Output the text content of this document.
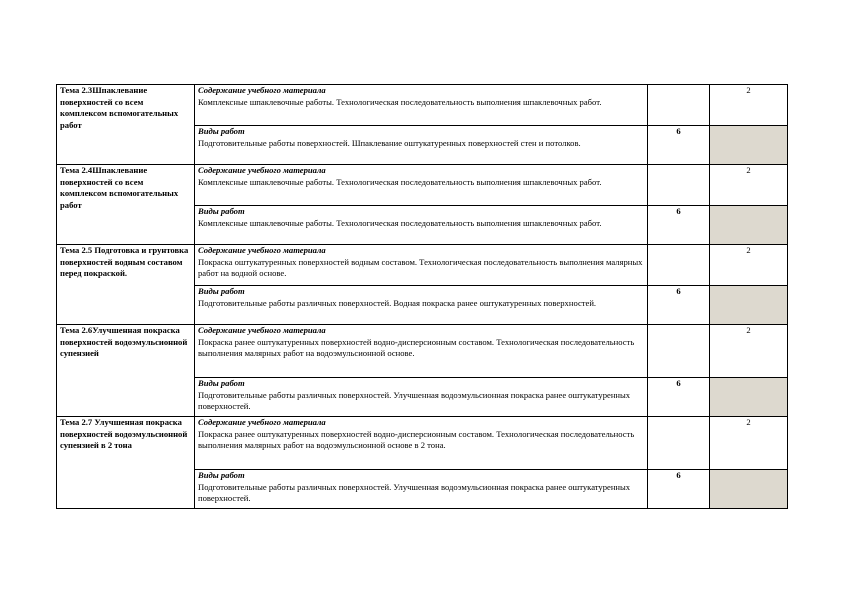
Тема 2.3Шпаклевание поверхностей со всем комплексом вспомогательных работ	Содержание учебного материала
Комплексные шпаклевочные работы. Технологическая последовательность выполнения шпаклевочных работ.		2

	Виды работ
Подготовительные работы поверхностей. Шпаклевание оштукатуренных поверхностей стен и потолков.	6	
Тема 2.4Шпаклевание поверхностей со всем комплексом вспомогательных работ	Содержание учебного материала
Комплексные шпаклевочные работы. Технологическая последовательность выполнения шпаклевочных работ.		2

	Виды работ
Комплексные шпаклевочные работы. Технологическая последовательность выполнения шпаклевочных работ.	6	
Тема 2.5 Подготовка и грунтовка поверхностей водным составом перед покраской.	Содержание учебного материала
Покраска оштукатуренных поверхностей водным составом. Технологическая последовательность выполнения малярных работ на водной основе.		2

	Виды работ
Подготовительные работы различных поверхностей. Водная покраска ранее оштукатуренных поверхностей.	6	
Тема 2.6Улучшенная покраска поверхностей водоэмульсионной супензией	Содержание учебного материала
Покраска ранее оштукатуренных поверхностей водно-дисперсионным составом. Технологическая последовательность выполнения малярных работ на водоэмульсионной основе.		2

	Виды работ
Подготовительные работы различных поверхностей. Улучшенная водоэмульсионная покраска ранее оштукатуренных поверхностей.	6	
Тема 2.7 Улучшенная покраска поверхностей водоэмульсионной супензией в 2 тона	Содержание учебного материала
Покраска ранее оштукатуренных поверхностей водно-дисперсионным составом. Технологическая последовательность выполнения малярных работ на водоэмульсионной основе в 2 тона.		2

	Виды работ
Подготовительные работы различных поверхностей. Улучшенная водоэмульсионная покраска ранее оштукатуренных поверхностей.	6	
